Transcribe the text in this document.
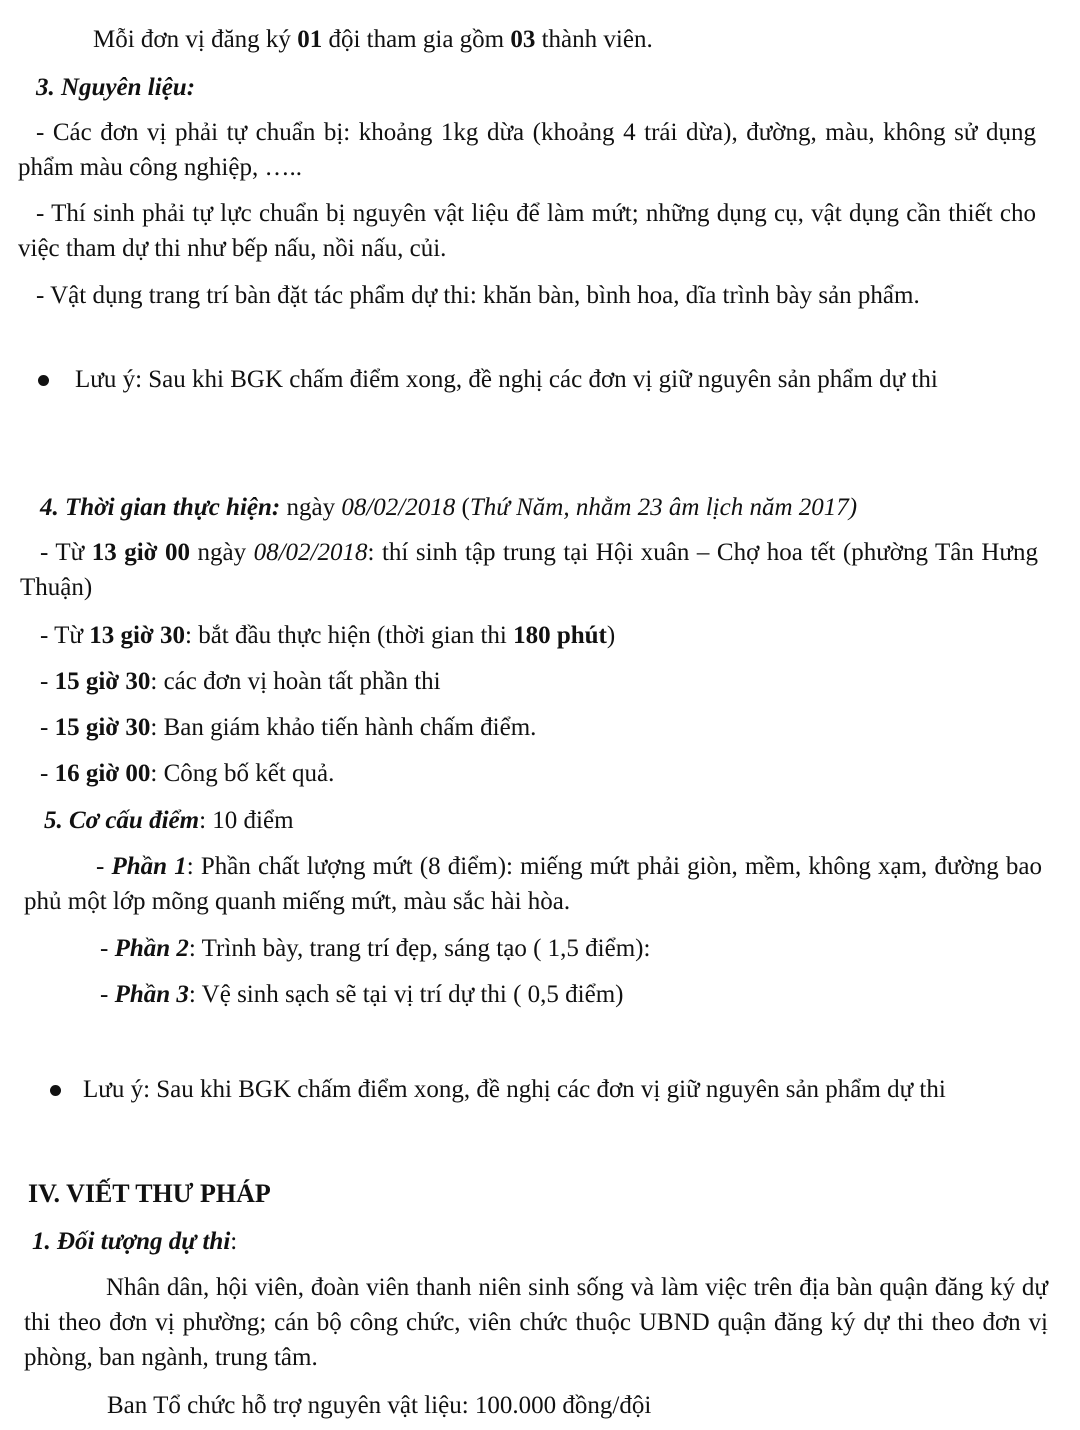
Mỗi đơn vị đăng ký 01 đội tham gia gồm 03 thành viên.

3. Nguyên liệu:

- Các đơn vị phải tự chuẩn bị: khoảng 1kg dừa (khoảng 4 trái dừa), đường, màu, không sử dụng phẩm màu công nghiệp, …..

- Thí sinh phải tự lực chuẩn bị nguyên vật liệu để làm mứt; những dụng cụ, vật dụng cần thiết cho việc tham dự thi như bếp nấu, nồi nấu, củi.

- Vật dụng trang trí bàn đặt tác phẩm dự thi: khăn bàn, bình hoa, dĩa trình bày sản phẩm.

Lưu ý: Sau khi BGK chấm điểm xong, đề nghị các đơn vị giữ nguyên sản phẩm dự thi

4. Thời gian thực hiện: ngày 08/02/2018 (Thứ Năm, nhằm 23 âm lịch năm 2017)

- Từ 13 giờ 00 ngày 08/02/2018: thí sinh tập trung tại Hội xuân – Chợ hoa tết (phường Tân Hưng Thuận)

- Từ 13 giờ 30: bắt đầu thực hiện (thời gian thi 180 phút)

- 15 giờ 30: các đơn vị hoàn tất phần thi

- 15 giờ 30: Ban giám khảo tiến hành chấm điểm.

- 16 giờ 00: Công bố kết quả.

5. Cơ cấu điểm: 10 điểm

- Phần 1: Phần chất lượng mứt (8 điểm): miếng mứt phải giòn, mềm, không xạm, đường bao phủ một lớp mõng quanh miếng mứt, màu sắc hài hòa.

- Phần 2: Trình bày, trang trí đẹp, sáng tạo ( 1,5 điểm):

- Phần 3: Vệ sinh sạch sẽ tại vị trí dự thi ( 0,5 điểm)

Lưu ý: Sau khi BGK chấm điểm xong, đề nghị các đơn vị giữ nguyên sản phẩm dự thi

IV. VIẾT THƯ PHÁP

1. Đối tượng dự thi:

Nhân dân, hội viên, đoàn viên thanh niên sinh sống và làm việc trên địa bàn quận đăng ký dự thi theo đơn vị phường; cán bộ công chức, viên chức thuộc UBND quận đăng ký dự thi theo đơn vị phòng, ban ngành, trung tâm.

Ban Tổ chức hỗ trợ nguyên vật liệu: 100.000 đồng/đội
